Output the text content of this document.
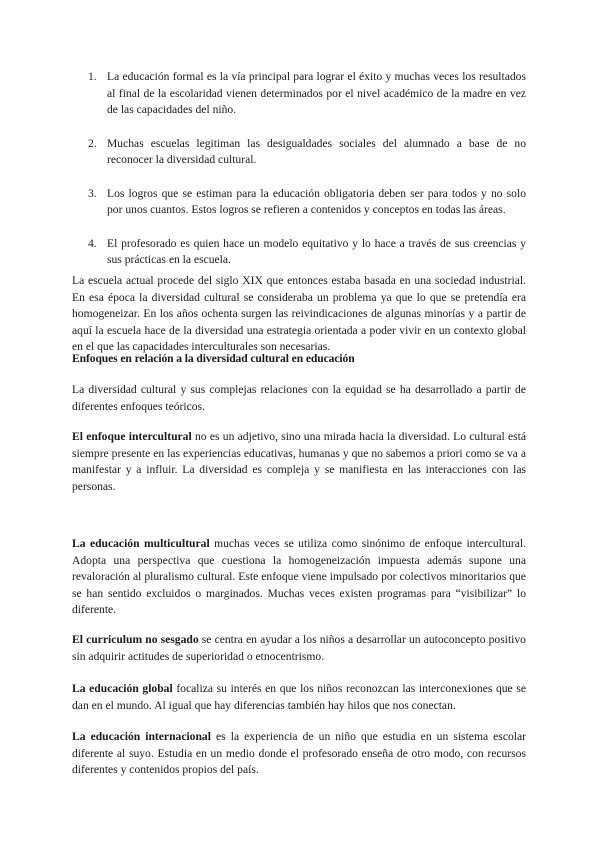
1. La educación formal es la vía principal para lograr el éxito y muchas veces los resultados al final de la escolaridad vienen determinados por el nivel académico de la madre en vez de las capacidades del niño.
2. Muchas escuelas legitiman las desigualdades sociales del alumnado a base de no reconocer la diversidad cultural.
3. Los logros que se estiman para la educación obligatoria deben ser para todos y no solo por unos cuantos. Estos logros se refieren a contenidos y conceptos en todas las áreas.
4. El profesorado es quien hace un modelo equitativo y lo hace a través de sus creencias y sus prácticas en la escuela.

La escuela actual procede del siglo XIX que entonces estaba basada en una sociedad industrial. En esa época la diversidad cultural se consideraba un problema ya que lo que se pretendía era homogeneizar. En los años ochenta surgen las reivindicaciones de algunas minorías y a partir de aquí la escuela hace de la diversidad una estrategia orientada a poder vivir en un contexto global en el que las capacidades interculturales son necesarias.

Enfoques en relación a la diversidad cultural en educación

La diversidad cultural y sus complejas relaciones con la equidad se ha desarrollado a partir de diferentes enfoques teóricos.

El enfoque intercultural no es un adjetivo, sino una mirada hacia la diversidad. Lo cultural está siempre presente en las experiencias educativas, humanas y que no sabemos a priori como se va a manifestar y a influir. La diversidad es compleja y se manifiesta en las interacciones con las personas.

La educación multicultural muchas veces se utiliza como sinónimo de enfoque intercultural. Adopta una perspectiva que cuestiona la homogeneización impuesta además supone una revaloración al pluralismo cultural. Este enfoque viene impulsado por colectivos minoritarios que se han sentido excluidos o marginados. Muchas veces existen programas para “visibilizar” lo diferente.

El curriculum no sesgado se centra en ayudar a los niños a desarrollar un autoconcepto positivo sin adquirir actitudes de superioridad o etnocentrismo.

La educación global focaliza su interés en que los niños reconozcan las interconexiones que se dan en el mundo. Al igual que hay diferencias también hay hilos que nos conectan.

La educación internacional es la experiencia de un niño que estudia en un sistema escolar diferente al suyo. Estudia en un medio donde el profesorado enseña de otro modo, con recursos diferentes y contenidos propios del país.
